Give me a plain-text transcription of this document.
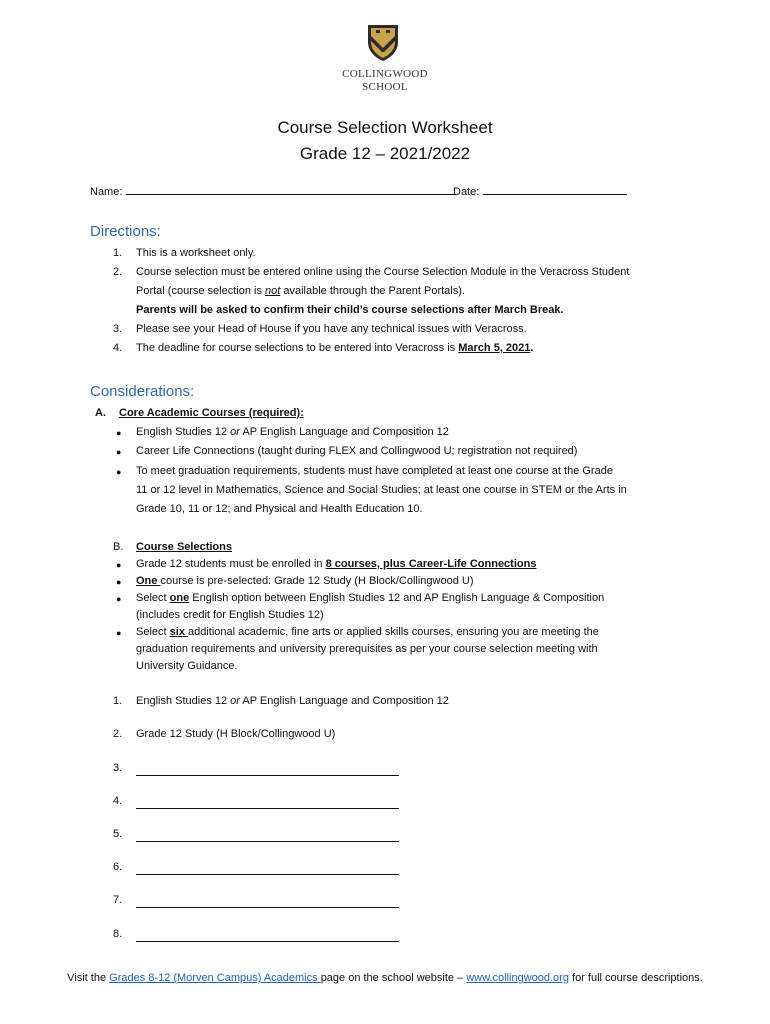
COLLINGWOOD
SCHOOL
Course Selection Worksheet
Grade 12 – 2021/2022
Name:	Date:
Directions:
1. This is a worksheet only.
2. Course selection must be entered online using the Course Selection Module in the Veracross Student
Portal (course selection is not available through the Parent Portals).
Parents will be asked to confirm their child’s course selections after March Break.
3. Please see your Head of House if you have any technical issues with Veracross.
4. The deadline for course selections to be entered into Veracross is March 5, 2021.
Considerations:
A. Core Academic Courses (required):
● English Studies 12 or AP English Language and Composition 12
● Career Life Connections (taught during FLEX and Collingwood U; registration not required)
● To meet graduation requirements, students must have completed at least one course at the Grade
11 or 12 level in Mathematics, Science and Social Studies; at least one course in STEM or the Arts in
Grade 10, 11 or 12; and Physical and Health Education 10.
B. Course Selections
● Grade 12 students must be enrolled in 8 courses, plus Career-Life Connections
● One course is pre-selected: Grade 12 Study (H Block/Collingwood U)
● Select one English option between English Studies 12 and AP English Language & Composition
(includes credit for English Studies 12)
● Select six additional academic, fine arts or applied skills courses, ensuring you are meeting the
graduation requirements and university prerequisites as per your course selection meeting with
University Guidance.
1. English Studies 12 or AP English Language and Composition 12
2. Grade 12 Study (H Block/Collingwood U)
3.
4.
5.
6.
7.
8.
Visit the Grades 8-12 (Morven Campus) Academics page on the school website – www.collingwood.org for full course descriptions.
